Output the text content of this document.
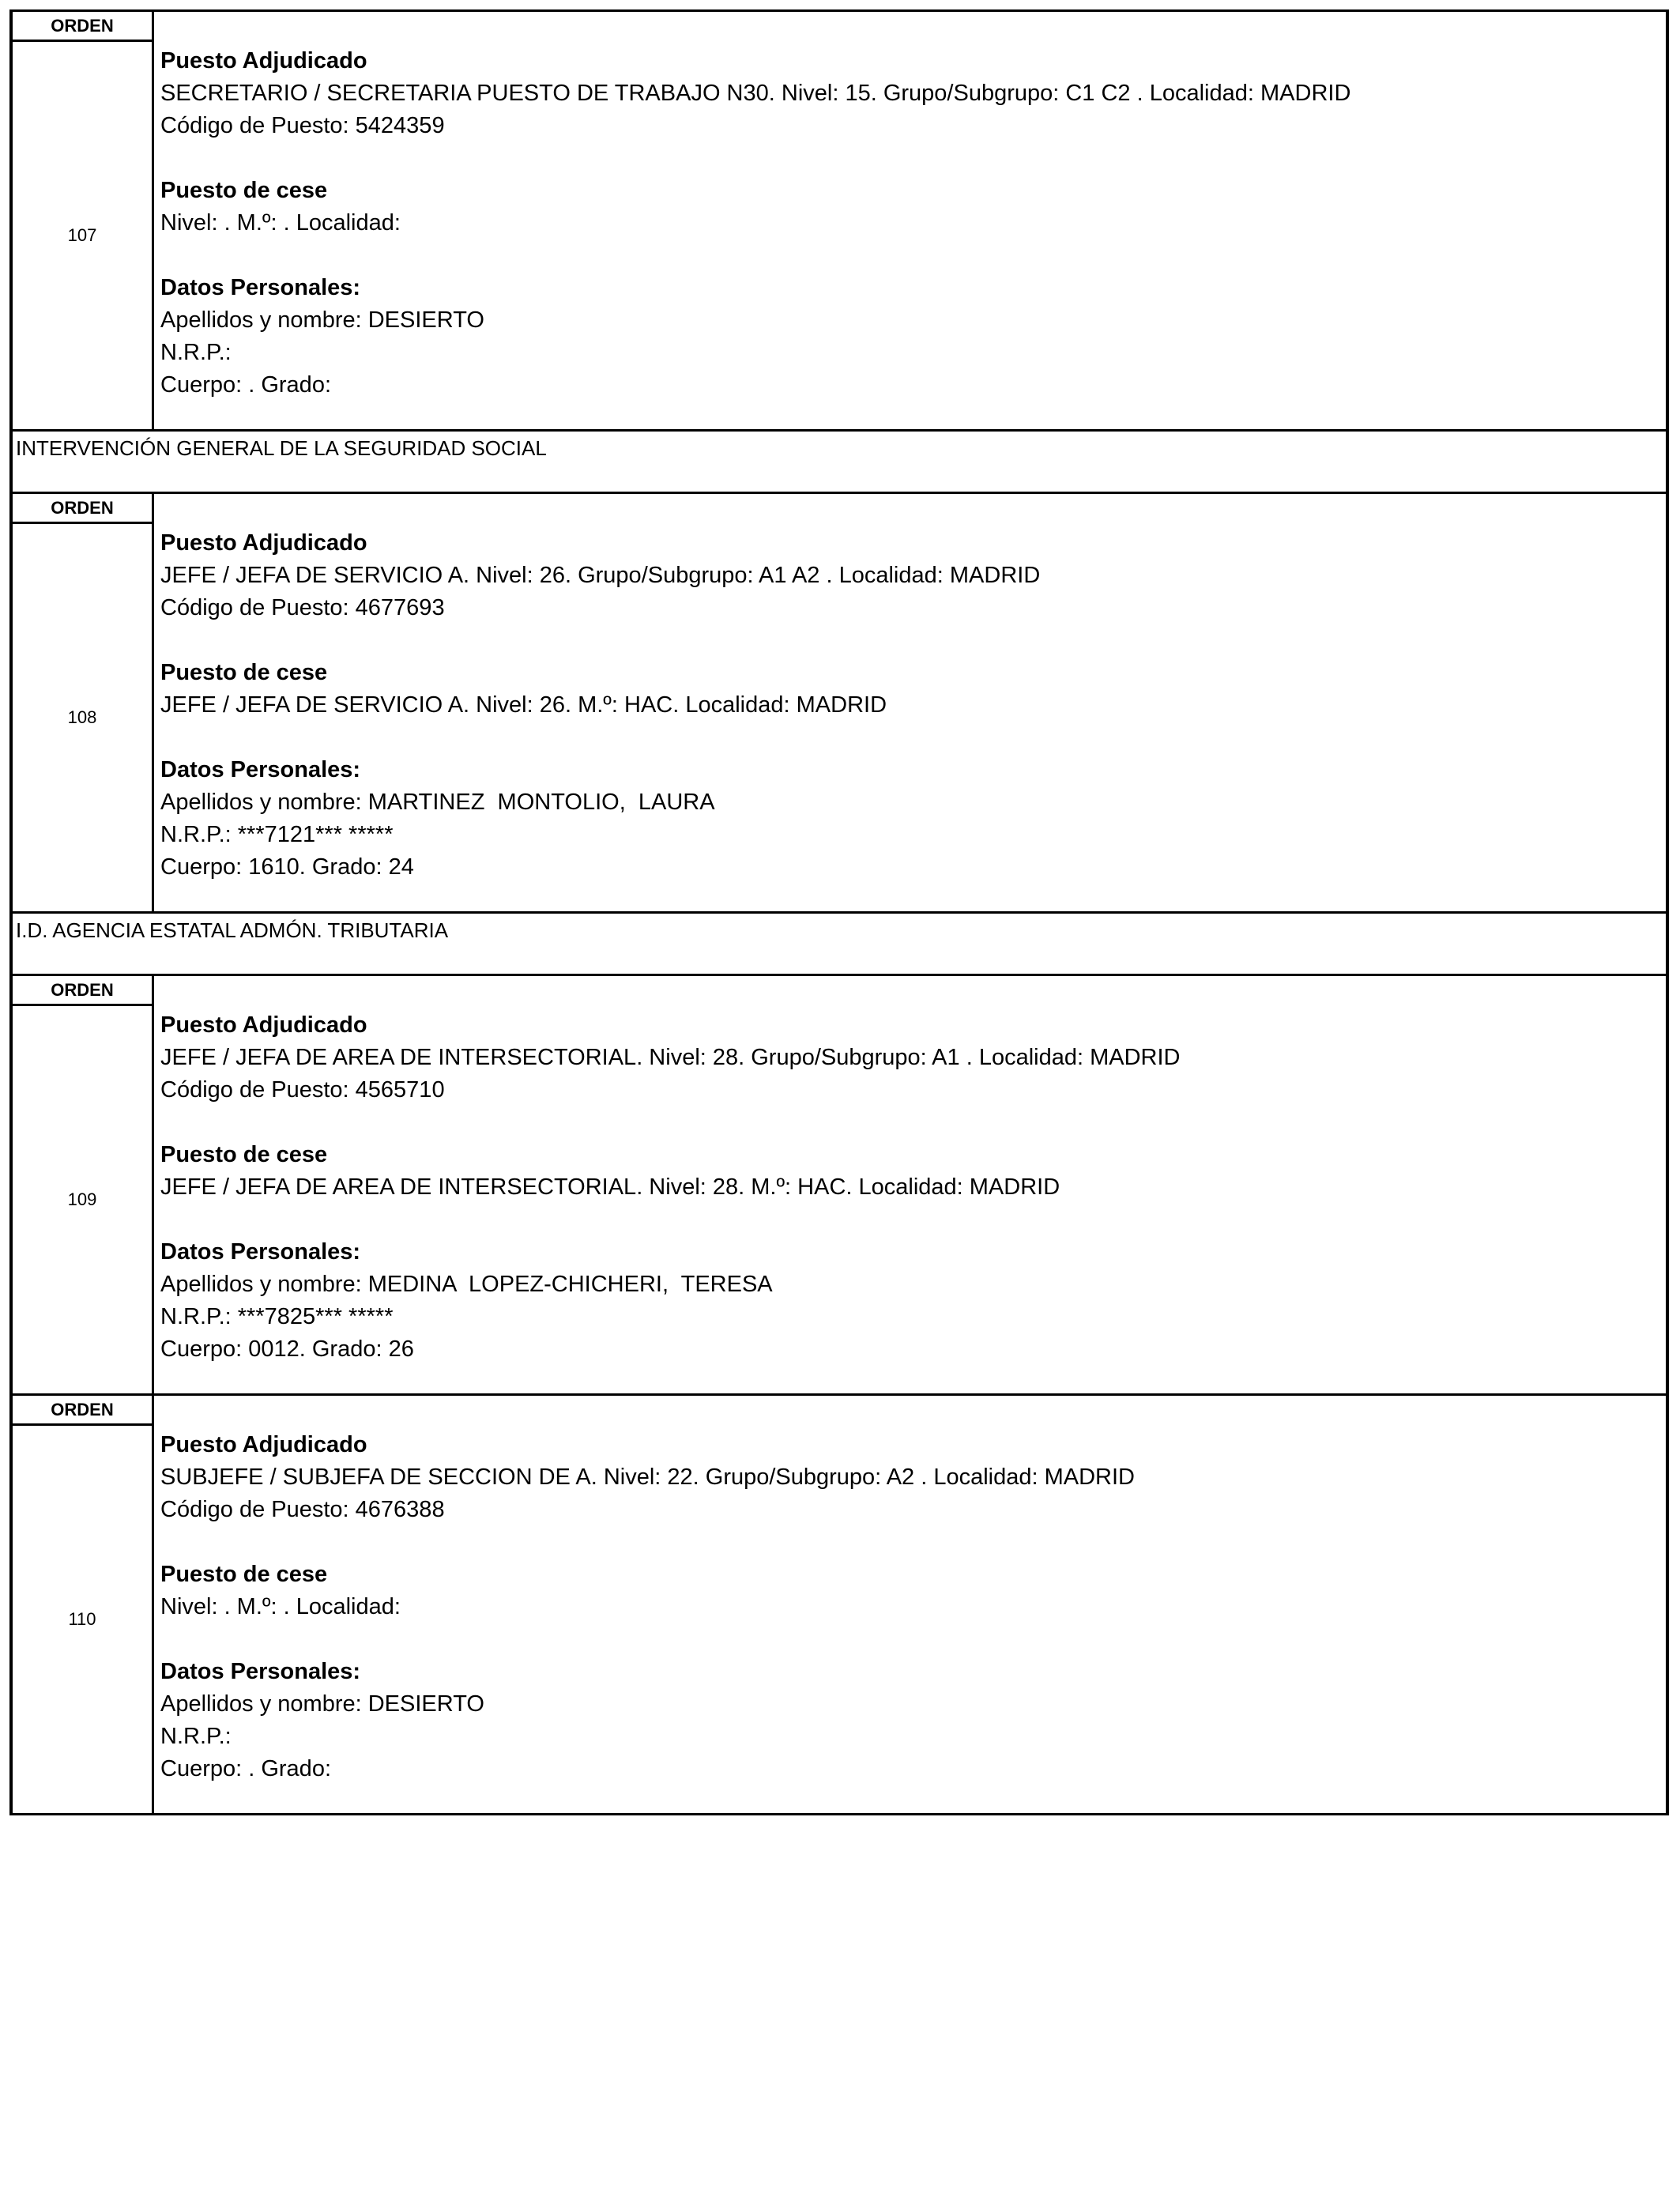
ORDEN
107
Puesto Adjudicado
SECRETARIO / SECRETARIA PUESTO DE TRABAJO N30. Nivel: 15. Grupo/Subgrupo: C1 C2 . Localidad: MADRID
Código de Puesto: 5424359
Puesto de cese
Nivel: . M.º: . Localidad:
Datos Personales:
Apellidos y nombre: DESIERTO
N.R.P.:
Cuerpo: . Grado:
INTERVENCIÓN GENERAL DE LA SEGURIDAD SOCIAL
ORDEN
108
Puesto Adjudicado
JEFE / JEFA DE SERVICIO A. Nivel: 26. Grupo/Subgrupo: A1 A2 . Localidad: MADRID
Código de Puesto: 4677693
Puesto de cese
JEFE / JEFA DE SERVICIO A. Nivel: 26. M.º: HAC. Localidad: MADRID
Datos Personales:
Apellidos y nombre: MARTINEZ  MONTOLIO,  LAURA
N.R.P.: ***7121*** *****
Cuerpo: 1610. Grado: 24
I.D. AGENCIA ESTATAL ADMÓN. TRIBUTARIA
ORDEN
109
Puesto Adjudicado
JEFE / JEFA DE AREA DE INTERSECTORIAL. Nivel: 28. Grupo/Subgrupo: A1 . Localidad: MADRID
Código de Puesto: 4565710
Puesto de cese
JEFE / JEFA DE AREA DE INTERSECTORIAL. Nivel: 28. M.º: HAC. Localidad: MADRID
Datos Personales:
Apellidos y nombre: MEDINA  LOPEZ-CHICHERI,  TERESA
N.R.P.: ***7825*** *****
Cuerpo: 0012. Grado: 26
ORDEN
110
Puesto Adjudicado
SUBJEFE / SUBJEFA DE SECCION DE A. Nivel: 22. Grupo/Subgrupo: A2 . Localidad: MADRID
Código de Puesto: 4676388
Puesto de cese
Nivel: . M.º: . Localidad:
Datos Personales:
Apellidos y nombre: DESIERTO
N.R.P.:
Cuerpo: . Grado:
